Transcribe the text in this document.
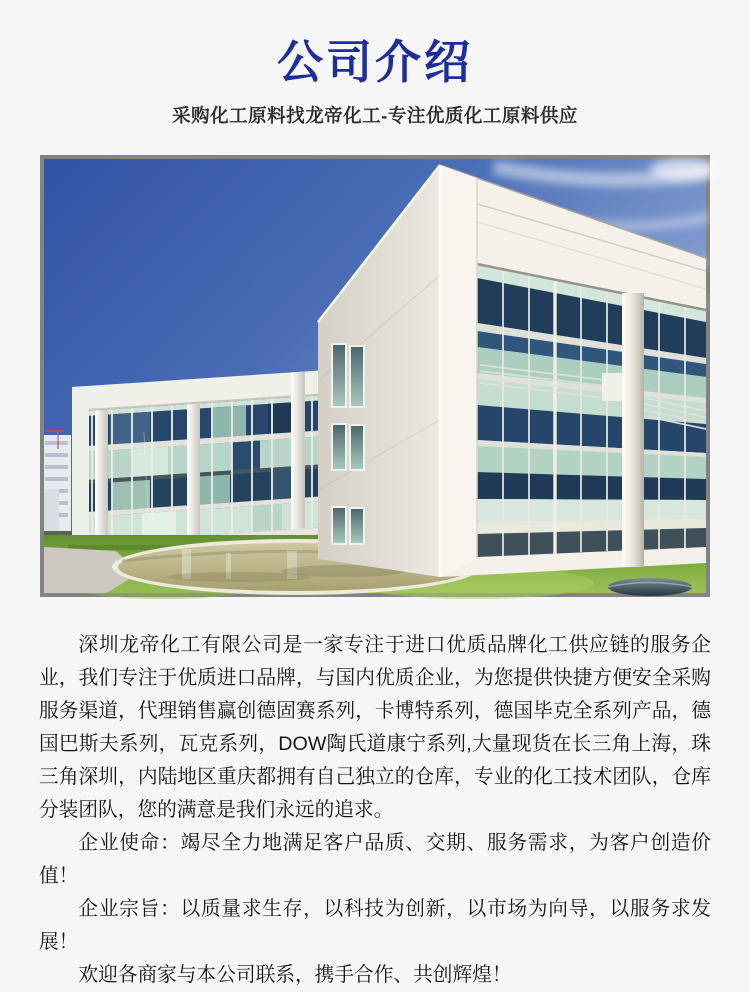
公司介绍
采购化工原料找龙帝化工-专注优质化工原料供应

深圳龙帝化工有限公司是一家专注于进口优质品牌化工供应链的服务企业，我们专注于优质进口品牌，与国内优质企业，为您提供快捷方便安全采购服务渠道，代理销售赢创德固赛系列，卡博特系列，德国毕克全系列产品，德国巴斯夫系列，瓦克系列，DOW陶氏道康宁系列,大量现货在长三角上海，珠三角深圳，内陆地区重庆都拥有自己独立的仓库，专业的化工技术团队，仓库分装团队，您的满意是我们永远的追求。

企业使命：竭尽全力地满足客户品质、交期、服务需求，为客户创造价值！

企业宗旨：以质量求生存，以科技为创新，以市场为向导，以服务求发展！

欢迎各商家与本公司联系，携手合作、共创辉煌！
